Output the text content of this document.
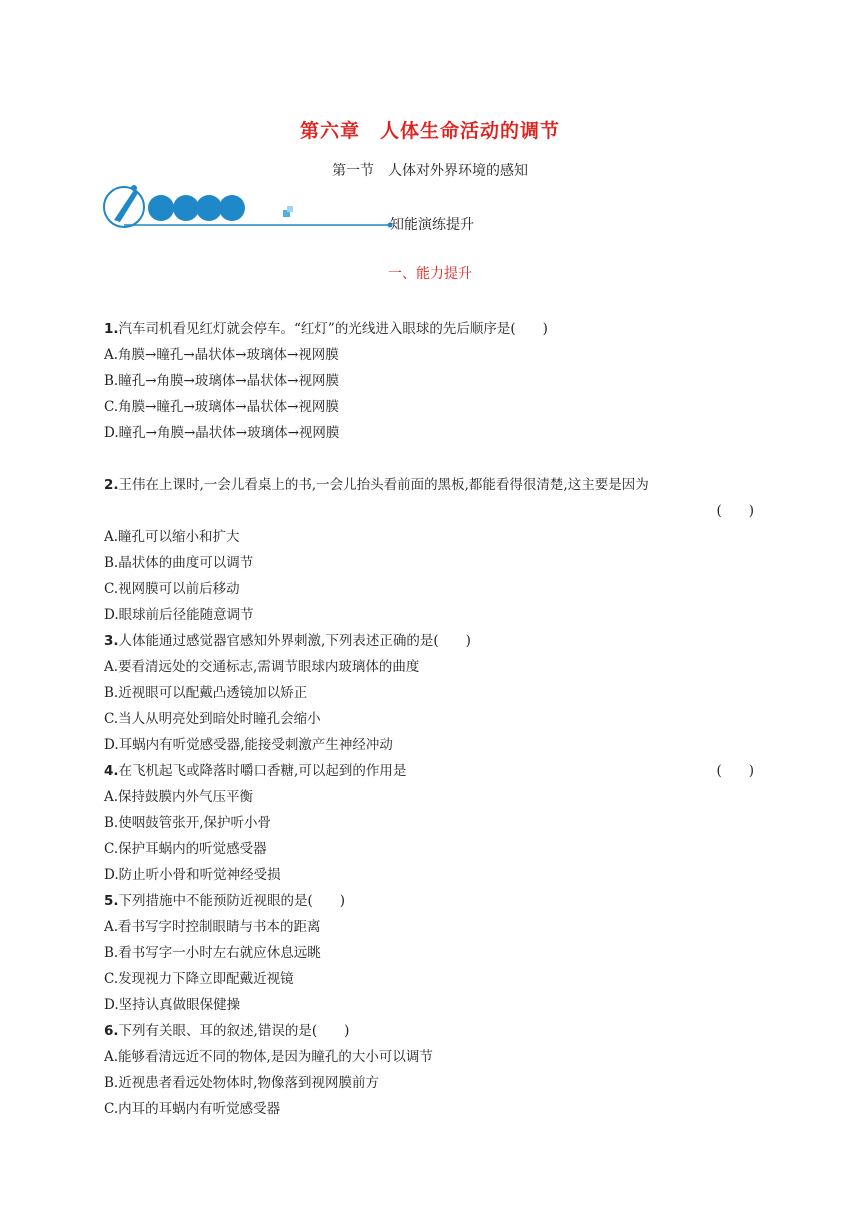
第六章　人体生命活动的调节
第一节　人体对外界环境的感知
知能演练提升
一、能力提升
1.汽车司机看见红灯就会停车。“红灯”的光线进入眼球的先后顺序是(　　)
A.角膜→瞳孔→晶状体→玻璃体→视网膜
B.瞳孔→角膜→玻璃体→晶状体→视网膜
C.角膜→瞳孔→玻璃体→晶状体→视网膜
D.瞳孔→角膜→晶状体→玻璃体→视网膜
2.王伟在上课时,一会儿看桌上的书,一会儿抬头看前面的黑板,都能看得很清楚,这主要是因为
(　　)
A.瞳孔可以缩小和扩大
B.晶状体的曲度可以调节
C.视网膜可以前后移动
D.眼球前后径能随意调节
3.人体能通过感觉器官感知外界刺激,下列表述正确的是(　　)
A.要看清远处的交通标志,需调节眼球内玻璃体的曲度
B.近视眼可以配戴凸透镜加以矫正
C.当人从明亮处到暗处时瞳孔会缩小
D.耳蜗内有听觉感受器,能接受刺激产生神经冲动
4.在飞机起飞或降落时嚼口香糖,可以起到的作用是	(　　)
A.保持鼓膜内外气压平衡
B.使咽鼓管张开,保护听小骨
C.保护耳蜗内的听觉感受器
D.防止听小骨和听觉神经受损
5.下列措施中不能预防近视眼的是(　　)
A.看书写字时控制眼睛与书本的距离
B.看书写字一小时左右就应休息远眺
C.发现视力下降立即配戴近视镜
D.坚持认真做眼保健操
6.下列有关眼、耳的叙述,错误的是(　　)
A.能够看清远近不同的物体,是因为瞳孔的大小可以调节
B.近视患者看远处物体时,物像落到视网膜前方
C.内耳的耳蜗内有听觉感受器
